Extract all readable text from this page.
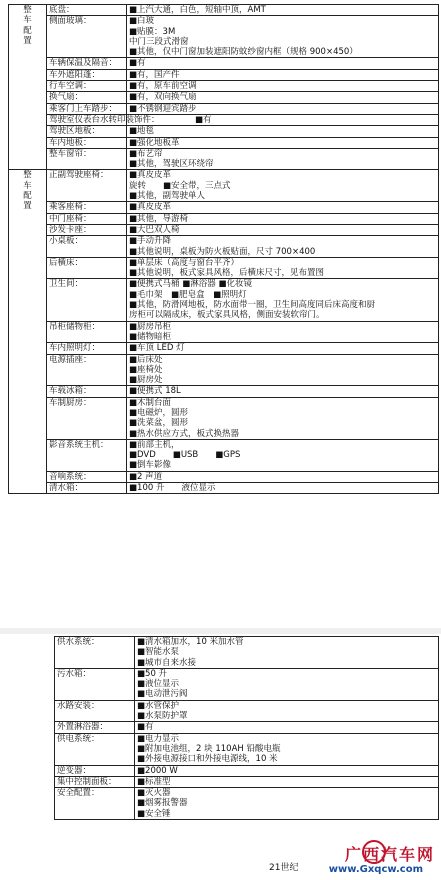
整
车
配
置	底盘：	■上汽大通，白色，短轴中顶，AMT

	侧面玻璃：	■白玻
■贴膜：3M
中门三段式滑窗
■其他，仅中门窗加装遮阳防蚊纱窗内框（规格 900×450）

	车辆保温及隔音：	■有

	车外遮阳蓬：	■有，国产件

	行车空调：	■有，原车前空调

	换气扇：	■有，双向换气扇

	乘客门上车踏步：	■不锈钢迎宾踏步

	驾驶室仪表台水转印装饰件：	■有

	驾驶区地板：	■地毯

	车内地板：	■强化地板革

	整车窗帘：	■布艺帘
■其他，驾驶区环绕帘

整
车
配
置	正副驾驶座椅：	■真皮皮革
旋转　　■安全带，三点式
■其他，副驾驶单人

	乘客座椅：	■真皮皮革

	中门座椅：	■其他，导游椅

	沙发卡座：	■大巴双人椅

	小桌板：	■手动升降
■其他说明，桌板为防火板贴面，尺寸 700×400

	后横床：	■单层床（高度与窗台平齐）
■其他说明，板式家具风格，后横床尺寸，见布置图

	卫生间：	■便携式马桶 ■淋浴器 ■化妆镜
■毛巾架　■肥皂盒　■照明灯
■其他，防滑网地板，防水面带一圈，卫生间高度同后床高度和厨
房柜可以隔成床，板式家具风格，侧面安装软帘门。

	吊柜储物柜：	■厨房吊柜
■储物暗柜

	车内照明灯：	■车顶 LED 灯

	电源插座：	■后床处
■座椅处
■厨房处

	车载冰箱：	■便携式 18L

	车制厨房：	■木制台面
■电磁炉，圆形
■洗菜盆，圆形
■热水供应方式，板式换热器

	影音系统主机：	■前部主机，
■DVD　　■USB　　■GPS
■倒车影像

	音响系统：	■2 声道

	清水箱：	■100 升　　液位显示
供水系统：	■清水箱加水，10 米加水管
■智能水泵
■城市自来水接

污水箱：	■50 升
■液位显示
■电动泄污阀

水路安装：	■水管保护
■水泵防护罩

外置淋浴器：	■有

供电系统：	■电力显示
■附加电池组，2 块 110AH 铅酸电瓶
■外接电源接口和外接电源线，10 米

逆变器：	■2000 W

集中控制面板：	■标准型

安全配置：	■灭火器
■烟雾报警器
■安全锤
21世纪
广西汽车网
www.Gxqcw.com
